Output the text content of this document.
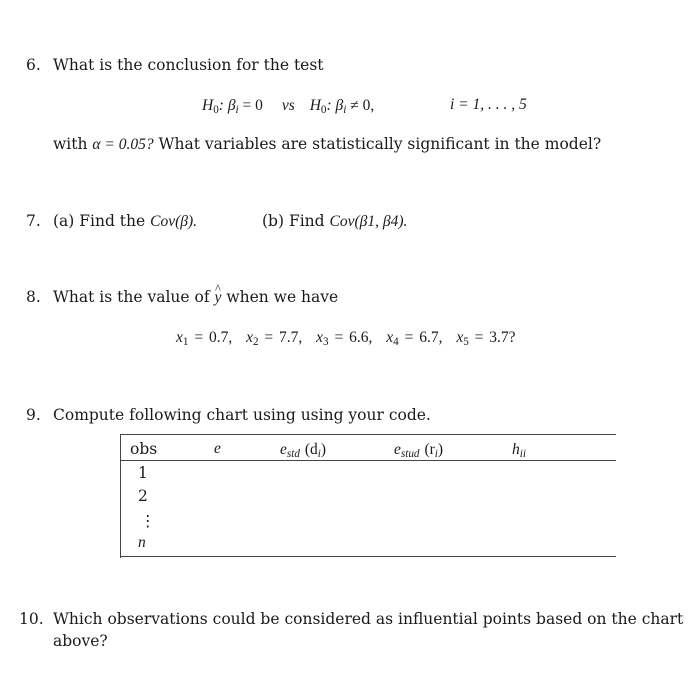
6. What is the conclusion for the test
$H_0$: $\beta_i = 0$ vs $H_0$: $\beta_i \ne 0$,	i = 1, . . . , 5
with α = 0.05? What variables are statistically significant in the model?
7. (a) Find the Cov(β).	(b) Find Cov(β1, β4).
8. What is the value of ^ y when we have
$x_1 = 0.7$, $x_2 = 7.7$, $x_3 = 6.6$, $x_4 = 6.7$, $x_5 = 3.7$?
9. Compute following chart using using your code.
obs	e	$e_{std}$ $(d_i)$	$e_{stud}$ $(r_i)$	$h_{ii}$
1
2
⋮
n
10. Which observations could be considered as influential points based on the chart
above?
